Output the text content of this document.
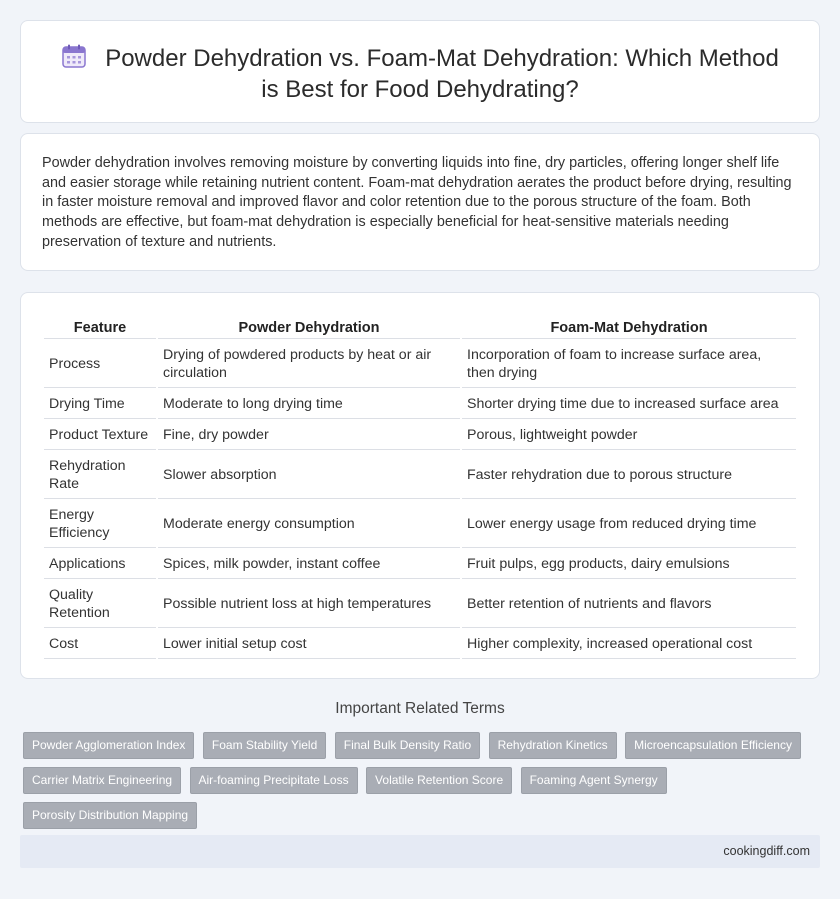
Powder Dehydration vs. Foam-Mat Dehydration: Which Method is Best for Food Dehydrating?

Powder dehydration involves removing moisture by converting liquids into fine, dry particles, offering longer shelf life and easier storage while retaining nutrient content. Foam-mat dehydration aerates the product before drying, resulting in faster moisture removal and improved flavor and color retention due to the porous structure of the foam. Both methods are effective, but foam-mat dehydration is especially beneficial for heat-sensitive materials needing preservation of texture and nutrients.

Feature	Powder Dehydration	Foam-Mat Dehydration
Process	Drying of powdered products by heat or air circulation	Incorporation of foam to increase surface area, then drying
Drying Time	Moderate to long drying time	Shorter drying time due to increased surface area
Product Texture	Fine, dry powder	Porous, lightweight powder
Rehydration Rate	Slower absorption	Faster rehydration due to porous structure
Energy Efficiency	Moderate energy consumption	Lower energy usage from reduced drying time
Applications	Spices, milk powder, instant coffee	Fruit pulps, egg products, dairy emulsions
Quality Retention	Possible nutrient loss at high temperatures	Better retention of nutrients and flavors
Cost	Lower initial setup cost	Higher complexity, increased operational cost
Important Related Terms
Powder Agglomeration Index Foam Stability Yield Final Bulk Density Ratio Rehydration Kinetics Microencapsulation Efficiency Carrier Matrix Engineering Air-foaming Precipitate Loss Volatile Retention Score Foaming Agent Synergy Porosity Distribution Mapping
cookingdiff.com
